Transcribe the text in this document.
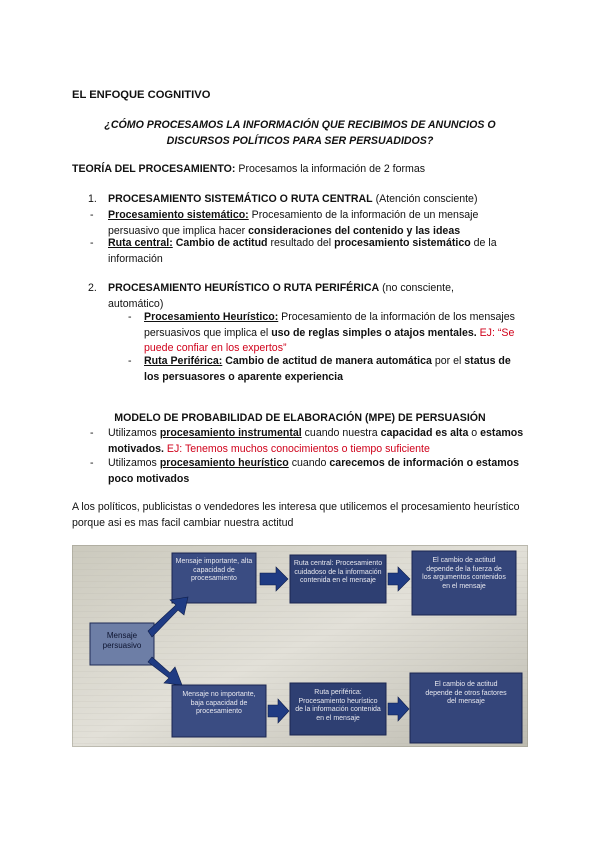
EL ENFOQUE COGNITIVO
¿CÓMO PROCESAMOS LA INFORMACIÓN QUE RECIBIMOS DE ANUNCIOS O DISCURSOS POLÍTICOS PARA SER PERSUADIDOS?
TEORÍA DEL PROCESAMIENTO: Procesamos la información de 2 formas
1. PROCESAMIENTO SISTEMÁTICO O RUTA CENTRAL (Atención consciente)
- Procesamiento sistemático: Procesamiento de la información de un mensaje persuasivo que implica hacer consideraciones del contenido y las ideas
- Ruta central: Cambio de actitud resultado del procesamiento sistemático de la información
2. PROCESAMIENTO HEURÍSTICO O RUTA PERIFÉRICA (no consciente, automático)
- Procesamiento Heurístico: Procesamiento de la información de los mensajes persuasivos que implica el uso de reglas simples o atajos mentales. EJ: “Se puede confiar en los expertos”
- Ruta Periférica: Cambio de actitud de manera automática por el status de los persuasores o aparente experiencia
MODELO DE PROBABILIDAD DE ELABORACIÓN (MPE) DE PERSUASIÓN
- Utilizamos procesamiento instrumental cuando nuestra capacidad es alta o estamos motivados. EJ: Tenemos muchos conocimientos o tiempo suficiente
- Utilizamos procesamiento heurístico cuando carecemos de información o estamos poco motivados
A los políticos, publicistas o vendedores les interesa que utilicemos el procesamiento heurístico porque asi es mas facil cambiar nuestra actitud
Mensaje persuasivo
Mensaje importante, alta capacidad de procesamiento
Ruta central: Procesamiento cuidadoso de la información contenida en el mensaje
El cambio de actitud depende de la fuerza de los argumentos contenidos en el mensaje
Mensaje no importante, baja capacidad de procesamiento
Ruta periférica: Procesamiento heurístico de la información contenida en el mensaje
El cambio de actitud depende de otros factores del mensaje
